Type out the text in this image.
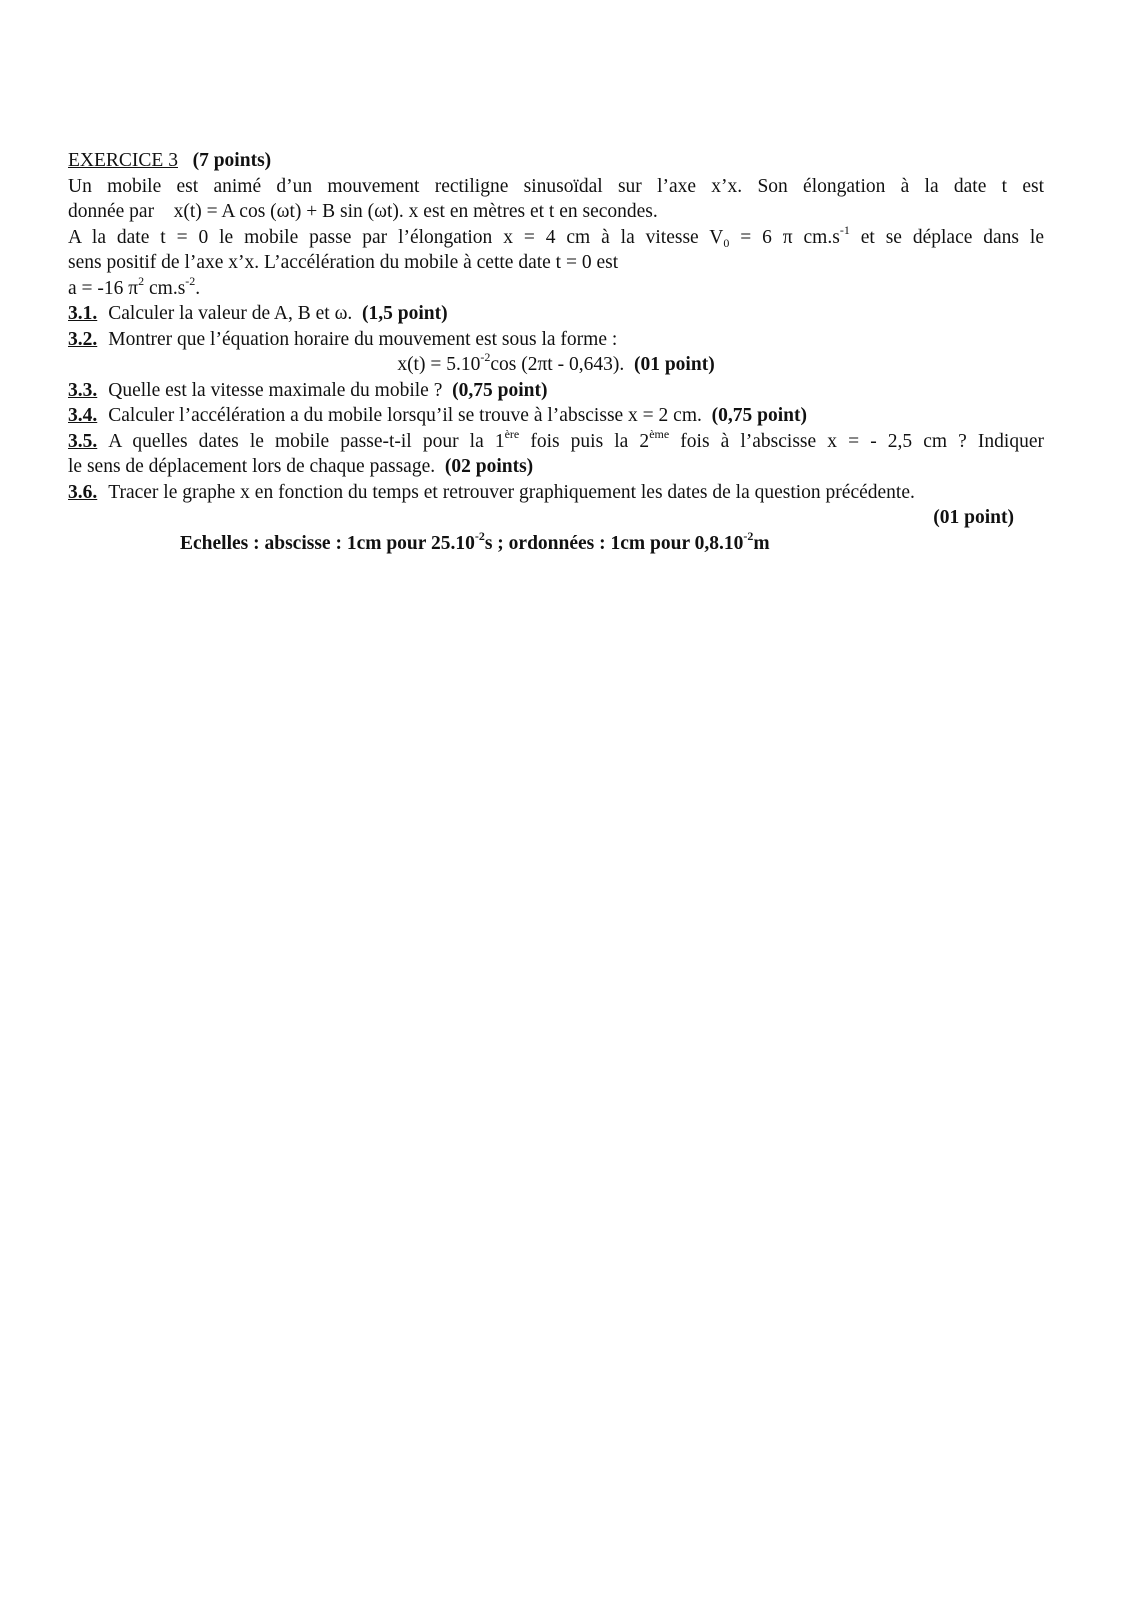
EXERCICE 3 (7 points)
Un mobile est animé d’un mouvement rectiligne sinusoïdal sur l’axe x’x. Son élongation à la date t est
donnée par x(t) = A cos (ωt) + B sin (ωt). x est en mètres et t en secondes.
A la date t = 0 le mobile passe par l’élongation x = 4 cm à la vitesse $V_0 = 6$ π $cm.s^{-1}$ et se déplace dans le
sens positif de l’axe x’x. L’accélération du mobile à cette date t = 0 est
a = -16 $\pi^2$ $cm.s^{-2}$.
3.1. Calculer la valeur de A, B et ω. (1,5 point)
3.2. Montrer que l’équation horaire du mouvement est sous la forme :
$x(t) = 5.10^{-2}\cos$ (2πt - 0,643). (01 point)
3.3. Quelle est la vitesse maximale du mobile ? (0,75 point)
3.4. Calculer l’accélération a du mobile lorsqu’il se trouve à l’abscisse x = 2 cm. (0,75 point)
3.5. A quelles dates le mobile passe-t-il pour la 1ère fois puis la 2ème fois à l’abscisse x = - 2,5 cm ? Indiquer
le sens de déplacement lors de chaque passage. (02 points)
3.6. Tracer le graphe x en fonction du temps et retrouver graphiquement les dates de la question précédente.
(01 point)
Echelles : abscisse : 1cm pour $25.10^{-2}s$ ; ordonnées : 1cm pour $0,8.10^{-2}m$
